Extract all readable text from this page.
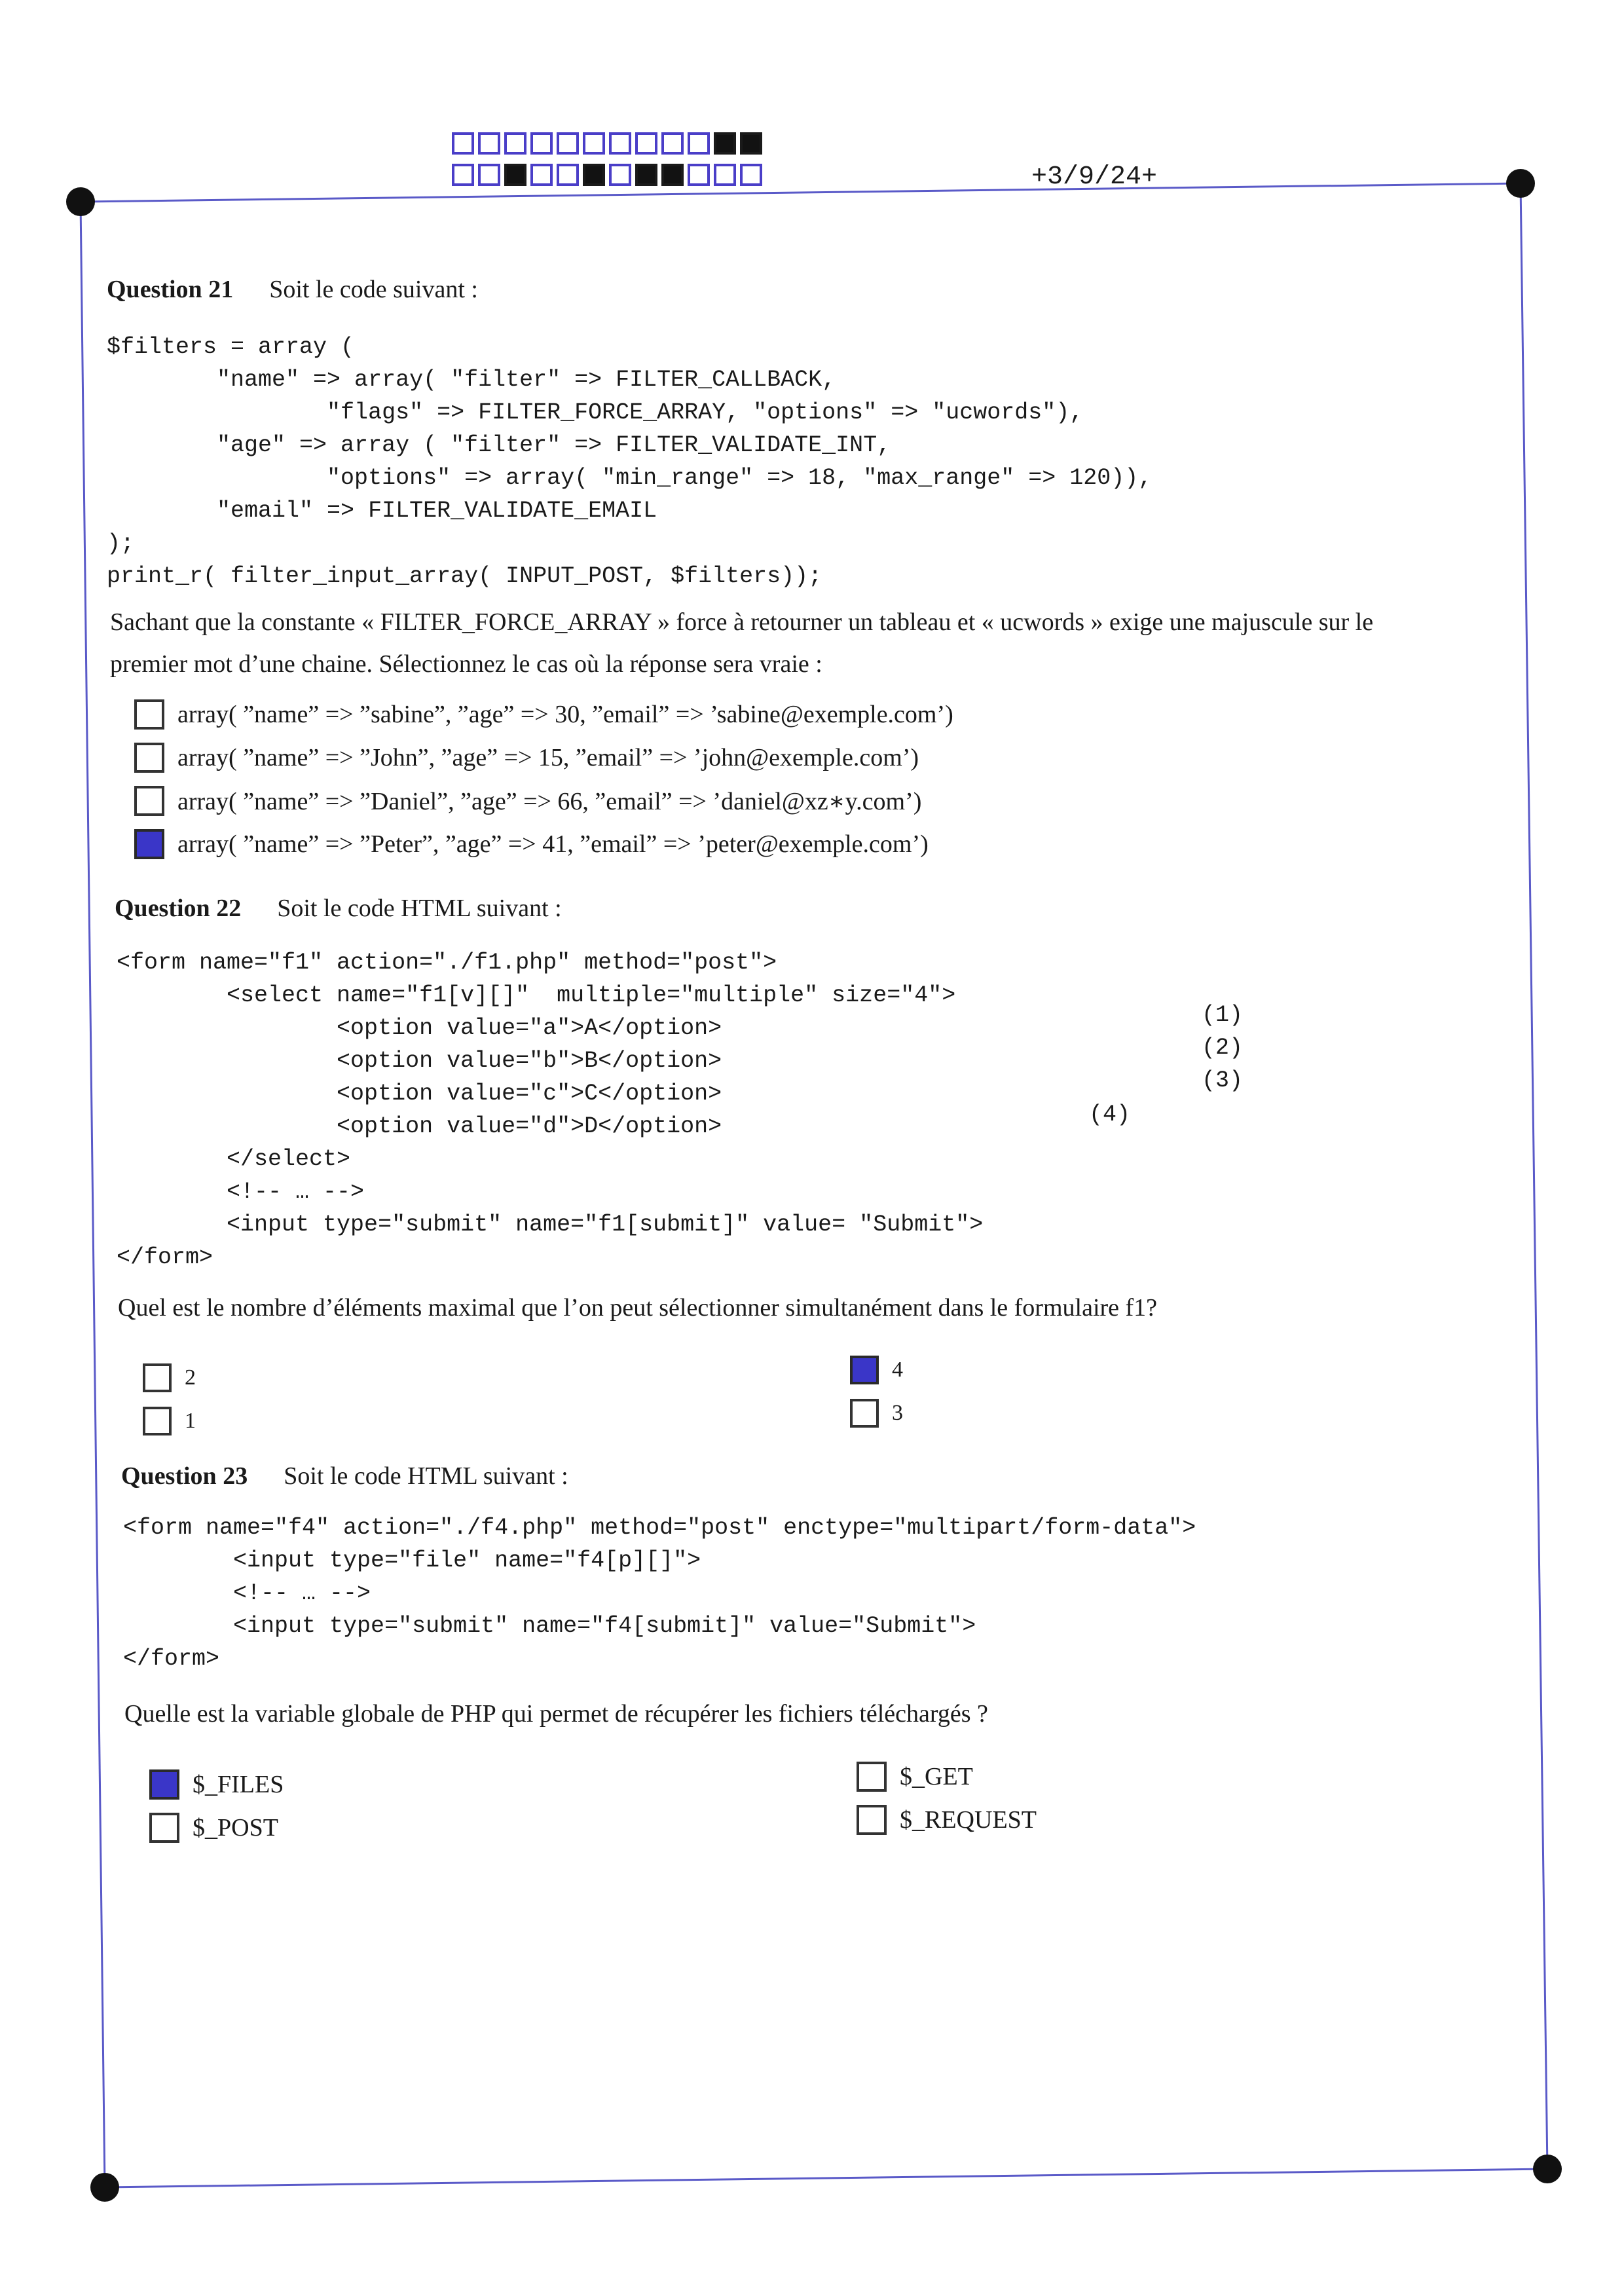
+3/9/24+
Question 21 Soit le code suivant :
$filters = array (
"name" => array( "filter" => FILTER_CALLBACK,
"flags" => FILTER_FORCE_ARRAY, "options" => "ucwords"),
"age" => array ( "filter" => FILTER_VALIDATE_INT,
"options" => array( "min_range" => 18, "max_range" => 120)),
"email" => FILTER_VALIDATE_EMAIL
);
print_r( filter_input_array( INPUT_POST, $filters));
Sachant que la constante « FILTER_FORCE_ARRAY » force à retourner un tableau et « ucwords » exige une majuscule sur le
premier mot d’une chaine. Sélectionnez le cas où la réponse sera vraie :
array( ”name” => ”sabine”, ”age” => 30, ”email” => ’sabine@exemple.com’)
array( ”name” => ”John”, ”age” => 15, ”email” => ’john@exemple.com’)
array( ”name” => ”Daniel”, ”age” => 66, ”email” => ’daniel@xz∗y.com’)
array( ”name” => ”Peter”, ”age” => 41, ”email” => ’peter@exemple.com’)
Question 22 Soit le code HTML suivant :
<form name="f1" action="./f1.php" method="post">
<select name="f1[v][]"  multiple="multiple" size="4">
<option value="a">A</option>
<option value="b">B</option>
<option value="c">C</option>
<option value="d">D</option>
</select>
<!-- … -->
<input type="submit" name="f1[submit]" value= "Submit">
</form>
(1)
(2)
(3)
(4)
Quel est le nombre d’éléments maximal que l’on peut sélectionner simultanément dans le formulaire f1?
2
1
4
3
Question 23 Soit le code HTML suivant :
<form name="f4" action="./f4.php" method="post" enctype="multipart/form-data">
<input type="file" name="f4[p][]">
<!-- … -->
<input type="submit" name="f4[submit]" value="Submit">
</form>
Quelle est la variable globale de PHP qui permet de récupérer les fichiers téléchargés ?
$_FILES
$_POST
$_GET
$_REQUEST
